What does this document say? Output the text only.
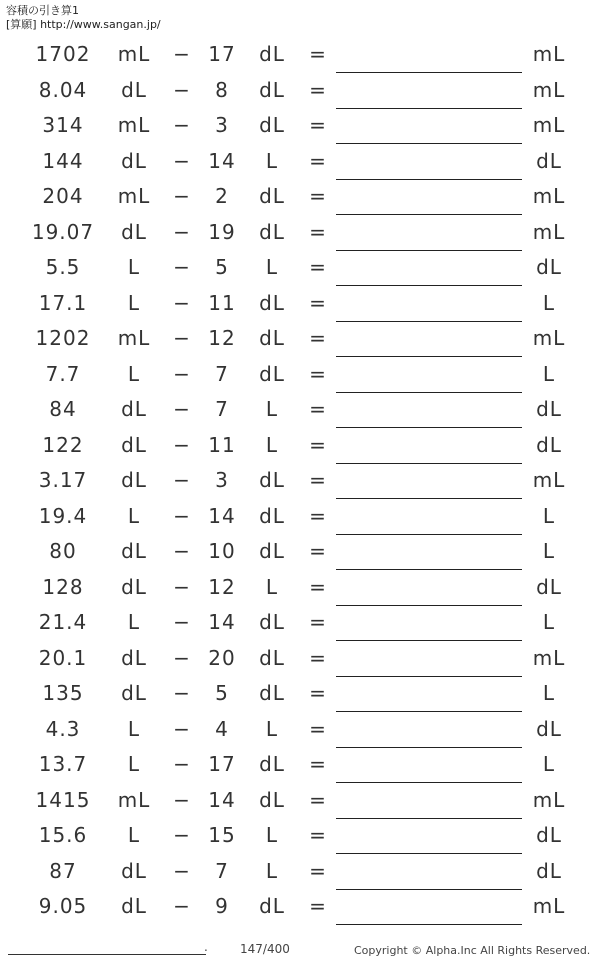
容積の引き算1
[算願] http://www.sangan.jp/
1702	mL − 17	dL	=	mL
8.04	dL	−	8	dL	=	mL
314	mL −	3	dL	=	mL
144	dL	− 14	L	=	dL
204	mL −	2	dL	=	mL
19.07	dL	− 19	dL	=	mL
5.5	L	−	5	L	=	dL
17.1	L	− 11	dL	=	L
1202	mL − 12	dL	=	mL
7.7	L	−	7	dL	=	L
84	dL	−	7	L	=	dL
122	dL	− 11	L	=	dL
3.17	dL	−	3	dL	=	mL
19.4	L	− 14	dL	=	L
80	dL	− 10	dL	=	L
128	dL	− 12	L	=	dL
21.4	L	− 14	dL	=	L
20.1	dL	− 20	dL	=	mL
135	dL	−	5	dL	=	L
4.3	L	−	4	L	=	dL
13.7	L	− 17	dL	=	L
1415	mL − 14	dL	=	mL
15.6	L	− 15	L	=	dL
87	dL	−	7	L	=	dL
9.05	dL	−	9	dL	=	mL
.	147/400	Copyright © Alpha.Inc All Rights Reserved.
